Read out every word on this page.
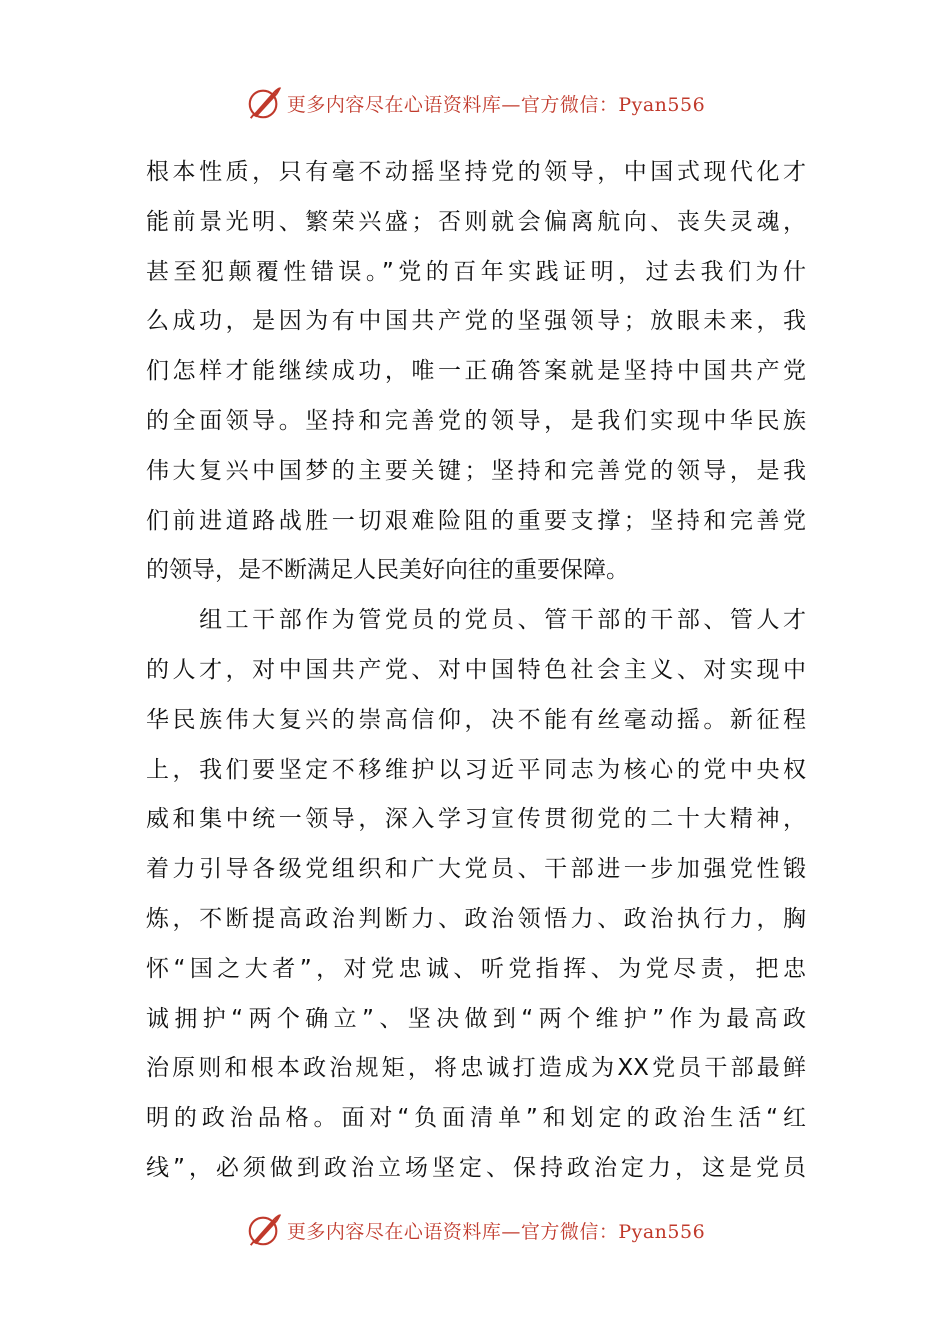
更多内容尽在心语资料库—官方微信：Pyan556
根本性质，只有毫不动摇坚持党的领导，中国式现代化才
能前景光明、繁荣兴盛；否则就会偏离航向、丧失灵魂，
甚至犯颠覆性错误。”党的百年实践证明，过去我们为什
么成功，是因为有中国共产党的坚强领导；放眼未来，我
们怎样才能继续成功，唯一正确答案就是坚持中国共产党
的全面领导。坚持和完善党的领导，是我们实现中华民族
伟大复兴中国梦的主要关键；坚持和完善党的领导，是我
们前进道路战胜一切艰难险阻的重要支撑；坚持和完善党
的领导，是不断满足人民美好向往的重要保障。
　　组工干部作为管党员的党员、管干部的干部、管人才
的人才，对中国共产党、对中国特色社会主义、对实现中
华民族伟大复兴的崇高信仰，决不能有丝毫动摇。新征程
上，我们要坚定不移维护以习近平同志为核心的党中央权
威和集中统一领导，深入学习宣传贯彻党的二十大精神，
着力引导各级党组织和广大党员、干部进一步加强党性锻
炼，不断提高政治判断力、政治领悟力、政治执行力，胸
怀“国之大者”，对党忠诚、听党指挥、为党尽责，把忠
诚拥护“两个确立”、坚决做到“两个维护”作为最高政
治原则和根本政治规矩，将忠诚打造成为XX党员干部最鲜
明的政治品格。面对“负面清单”和划定的政治生活“红
线”，必须做到政治立场坚定、保持政治定力，这是党员
更多内容尽在心语资料库—官方微信：Pyan556
